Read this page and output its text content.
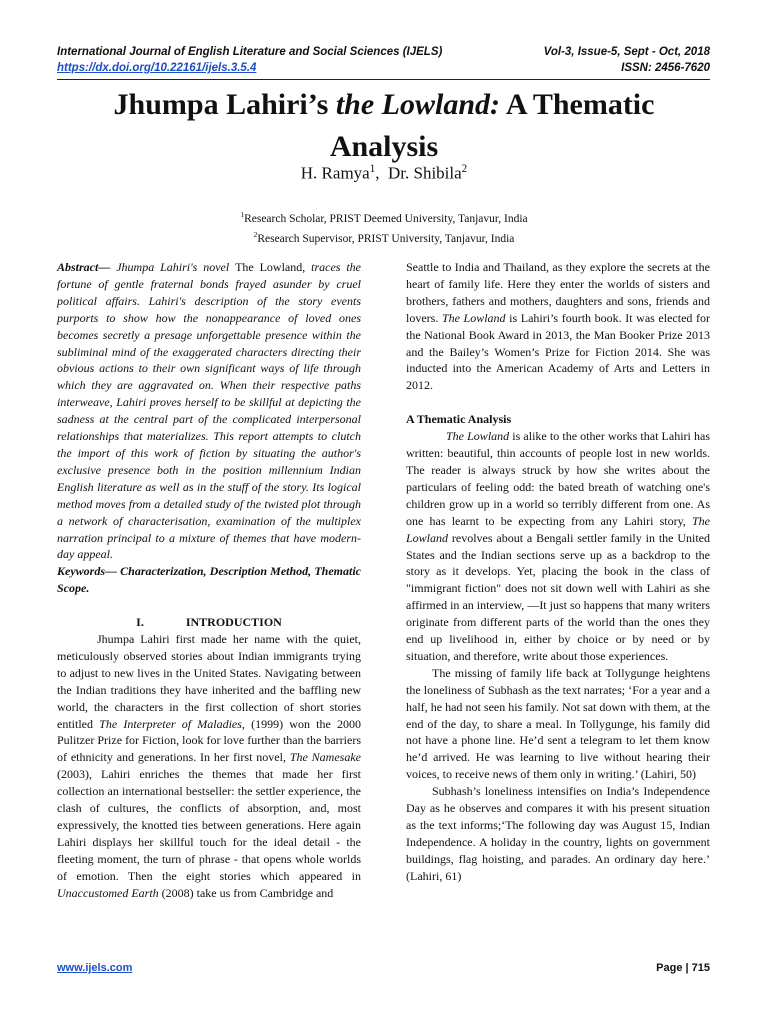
International Journal of English Literature and Social Sciences (IJELS)	Vol-3, Issue-5, Sept - Oct, 2018
https://dx.doi.org/10.22161/ijels.3.5.4	ISSN: 2456-7620
Jhumpa Lahiri’s the Lowland: A Thematic Analysis
H. Ramya$^1$,  Dr. Shibila$^2$
$^1$Research Scholar, PRIST Deemed University, Tanjavur, India
$^2$Research Supervisor, PRIST University, Tanjavur, India

Abstract— Jhumpa Lahiri's novel The Lowland, traces the fortune of gentle fraternal bonds frayed asunder by cruel political affairs. Lahiri's description of the story events purports to show how the nonappearance of loved ones becomes secretly a presage unforgettable presence within the subliminal mind of the exaggerated characters directing their obvious actions to their own significant ways of life through which they are aggravated on. When their respective paths interweave, Lahiri proves herself to be skillful at depicting the sadness at the central part of the complicated interpersonal relationships that materializes. This report attempts to clutch the import of this work of fiction by situating the author's exclusive presence both in the position millennium Indian English literature as well as in the stuff of the story. Its logical method moves from a detailed study of the twisted plot through a network of characterisation, examination of the multiplex narration principal to a mixture of themes that have modern-day appeal.

Keywords— Characterization, Description Method, Thematic Scope.

I.	INTRODUCTION

Jhumpa Lahiri first made her name with the quiet, meticulously observed stories about Indian immigrants trying to adjust to new lives in the United States. Navigating between the Indian traditions they have inherited and the baffling new world, the characters in the first collection of short stories entitled The Interpreter of Maladies, (1999) won the 2000 Pulitzer Prize for Fiction, look for love further than the barriers of ethnicity and generations. In her first novel, The Namesake (2003), Lahiri enriches the themes that made her first collection an international bestseller: the settler experience, the clash of cultures, the conflicts of absorption, and, most expressively, the knotted ties between generations. Here again Lahiri displays her skillful touch for the ideal detail - the fleeting moment, the turn of phrase - that opens whole worlds of emotion. Then the eight stories which appeared in Unaccustomed Earth (2008) take us from Cambridge and

Seattle to India and Thailand, as they explore the secrets at the heart of family life. Here they enter the worlds of sisters and brothers, fathers and mothers, daughters and sons, friends and lovers. The Lowland is Lahiri’s fourth book. It was elected for the National Book Award in 2013, the Man Booker Prize 2013 and the Bailey’s Women’s Prize for Fiction 2014. She was inducted into the American Academy of Arts and Letters in 2012.

A Thematic Analysis

The Lowland is alike to the other works that Lahiri has written: beautiful, thin accounts of people lost in new worlds. The reader is always struck by how she writes about the particulars of feeling odd: the bated breath of watching one's children grow up in a world so terribly different from one. As one has learnt to be expecting from any Lahiri story, The Lowland revolves about a Bengali settler family in the United States and the Indian sections serve up as a backdrop to the story as it develops. Yet, placing the book in the class of "immigrant fiction" does not sit down well with Lahiri as she affirmed in an interview, —It just so happens that many writers originate from different parts of the world than the ones they end up livelihood in, either by choice or by need or by situation, and therefore, write about those experiences.

The missing of family life back at Tollygunge heightens the loneliness of Subhash as the text narrates; ‘For a year and a half, he had not seen his family. Not sat down with them, at the end of the day, to share a meal. In Tollygunge, his family did not have a phone line. He’d sent a telegram to let them know he’d arrived. He was learning to live without hearing their voices, to receive news of them only in writing.’ (Lahiri, 50)

Subhash’s loneliness intensifies on India’s Independence Day as he observes and compares it with his present situation as the text informs;‘The following day was August 15, Indian Independence. A holiday in the country, lights on government buildings, flag hoisting, and parades. An ordinary day here.’ (Lahiri, 61)

www.ijels.com	Page | 715
